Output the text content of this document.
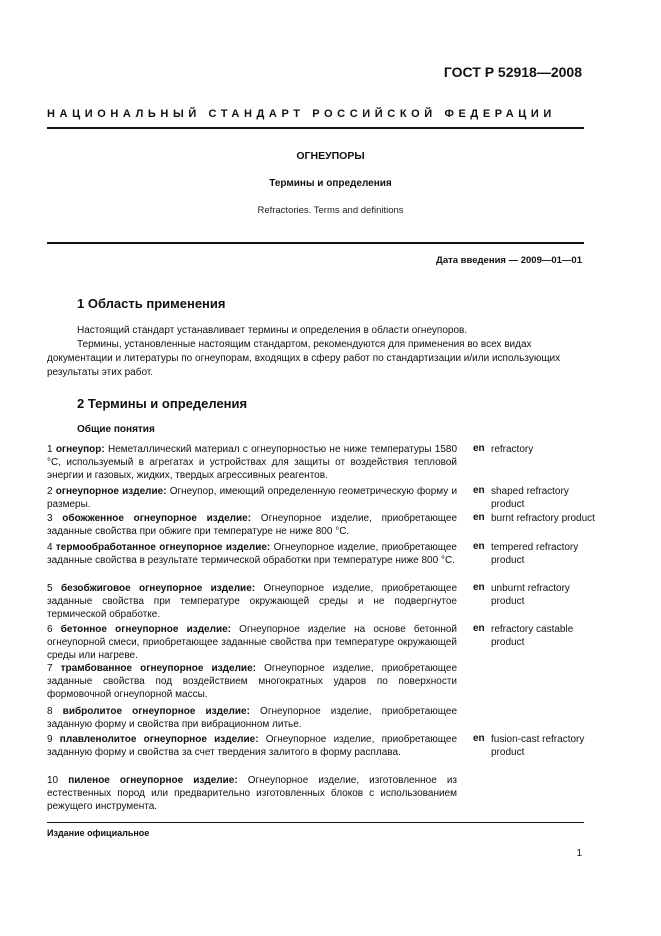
ГОСТ Р 52918—2008
НАЦИОНАЛЬНЫЙ СТАНДАРТ РОССИЙСКОЙ ФЕДЕРАЦИИ
ОГНЕУПОРЫ
Термины и определения
Refractories. Terms and definitions
Дата введения — 2009—01—01
1 Область применения
Настоящий стандарт устанавливает термины и определения в области огнеупоров.
Термины, установленные настоящим стандартом, рекомендуются для применения во всех видах документации и литературы по огнеупорам, входящих в сферу работ по стандартизации и/или использующих результаты этих работ.
2 Термины и определения
Общие понятия
1 огнеупор: Неметаллический материал с огнеупорностью не ниже температуры 1580 °С, используемый в агрегатах и устройствах для защиты от воздействия тепловой энергии и газовых, жидких, твердых агрессивных реагентов.
en refractory
2 огнеупорное изделие: Огнеупор, имеющий определенную геометрическую форму и размеры.
en shaped refractory product
3 обожженное огнеупорное изделие: Огнеупорное изделие, приобретающее заданные свойства при обжиге при температуре не ниже 800 °С.
en burnt refractory product
4 термообработанное огнеупорное изделие: Огнеупорное изделие, приобретающее заданные свойства в результате термической обработки при температуре ниже 800 °С.
en tempered refractory product
5 безобжиговое огнеупорное изделие: Огнеупорное изделие, приобретающее заданные свойства при температуре окружающей среды и не подвергнутое термической обработке.
en unburnt refractory product
6 бетонное огнеупорное изделие: Огнеупорное изделие на основе бетонной огнеупорной смеси, приобретающее заданные свойства при температуре окружающей среды или нагреве.
en refractory castable product
7 трамбованное огнеупорное изделие: Огнеупорное изделие, приобретающее заданные свойства под воздействием многократных ударов по поверхности формовочной огнеупорной массы.
8 вибролитое огнеупорное изделие: Огнеупорное изделие, приобретающее заданную форму и свойства при вибрационном литье.
9 плавленолитое огнеупорное изделие: Огнеупорное изделие, приобретающее заданную форму и свойства за счет твердения залитого в форму расплава.
en fusion-cast refractory product
10 пиленое огнеупорное изделие: Огнеупорное изделие, изготовленное из естественных пород или предварительно изготовленных блоков с использованием режущего инструмента.
Издание официальное
1
